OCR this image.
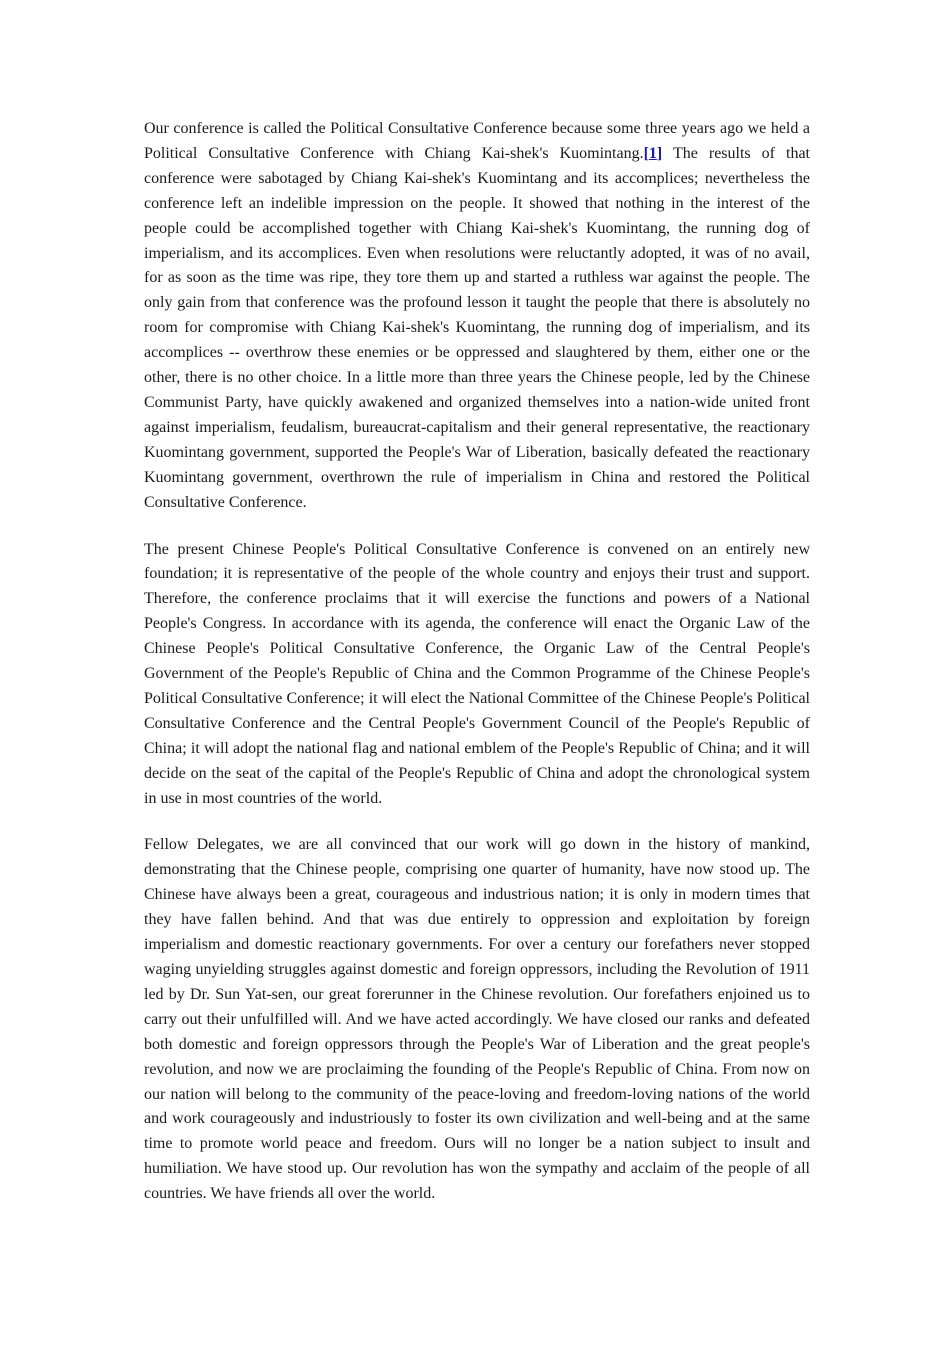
Our conference is called the Political Consultative Conference because some three years ago we held a Political Consultative Conference with Chiang Kai-shek's Kuomintang.[1] The results of that conference were sabotaged by Chiang Kai-shek's Kuomintang and its accomplices; nevertheless the conference left an indelible impression on the people. It showed that nothing in the interest of the people could be accomplished together with Chiang Kai-shek's Kuomintang, the running dog of imperialism, and its accomplices. Even when resolutions were reluctantly adopted, it was of no avail, for as soon as the time was ripe, they tore them up and started a ruthless war against the people. The only gain from that conference was the profound lesson it taught the people that there is absolutely no room for compromise with Chiang Kai-shek's Kuomintang, the running dog of imperialism, and its accomplices -- overthrow these enemies or be oppressed and slaughtered by them, either one or the other, there is no other choice. In a little more than three years the Chinese people, led by the Chinese Communist Party, have quickly awakened and organized themselves into a nation-wide united front against imperialism, feudalism, bureaucrat-capitalism and their general representative, the reactionary Kuomintang government, supported the People's War of Liberation, basically defeated the reactionary Kuomintang government, overthrown the rule of imperialism in China and restored the Political Consultative Conference.

The present Chinese People's Political Consultative Conference is convened on an entirely new foundation; it is representative of the people of the whole country and enjoys their trust and support. Therefore, the conference proclaims that it will exercise the functions and powers of a National People's Congress. In accordance with its agenda, the conference will enact the Organic Law of the Chinese People's Political Consultative Conference, the Organic Law of the Central People's Government of the People's Republic of China and the Common Programme of the Chinese People's Political Consultative Conference; it will elect the National Committee of the Chinese People's Political Consultative Conference and the Central People's Government Council of the People's Republic of China; it will adopt the national flag and national emblem of the People's Republic of China; and it will decide on the seat of the capital of the People's Republic of China and adopt the chronological system in use in most countries of the world.

Fellow Delegates, we are all convinced that our work will go down in the history of mankind, demonstrating that the Chinese people, comprising one quarter of humanity, have now stood up. The Chinese have always been a great, courageous and industrious nation; it is only in modern times that they have fallen behind. And that was due entirely to oppression and exploitation by foreign imperialism and domestic reactionary governments. For over a century our forefathers never stopped waging unyielding struggles against domestic and foreign oppressors, including the Revolution of 1911 led by Dr. Sun Yat-sen, our great forerunner in the Chinese revolution. Our forefathers enjoined us to carry out their unfulfilled will. And we have acted accordingly. We have closed our ranks and defeated both domestic and foreign oppressors through the People's War of Liberation and the great people's revolution, and now we are proclaiming the founding of the People's Republic of China. From now on our nation will belong to the community of the peace-loving and freedom-loving nations of the world and work courageously and industriously to foster its own civilization and well-being and at the same time to promote world peace and freedom. Ours will no longer be a nation subject to insult and humiliation. We have stood up. Our revolution has won the sympathy and acclaim of the people of all countries. We have friends all over the world.
